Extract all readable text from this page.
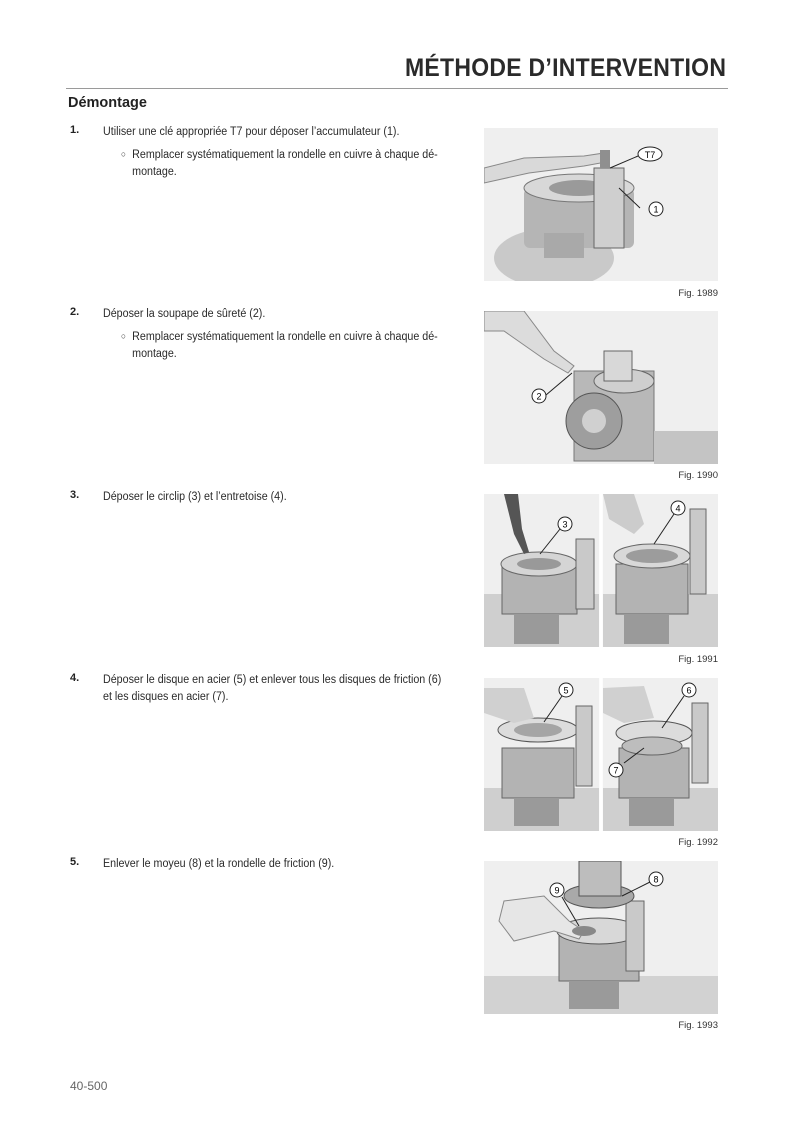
MÉTHODE D’INTERVENTION
Démontage
1. Utiliser une clé appropriée T7 pour déposer l’accumulateur (1).
○ Remplacer systématiquement la rondelle en cuivre à chaque dé-
montage.
T7
1
Fig. 1989
2. Déposer la soupape de sûreté (2).
○ Remplacer systématiquement la rondelle en cuivre à chaque dé-
montage.
2
Fig. 1990
3. Déposer le circlip (3) et l’entretoise (4).
3
4
Fig. 1991
4. Déposer le disque en acier (5) et enlever tous les disques de friction (6) et les disques en acier (7).
5	6
7
Fig. 1992
5. Enlever le moyeu (8) et la rondelle de friction (9).
9
8
Fig. 1993
40-500
